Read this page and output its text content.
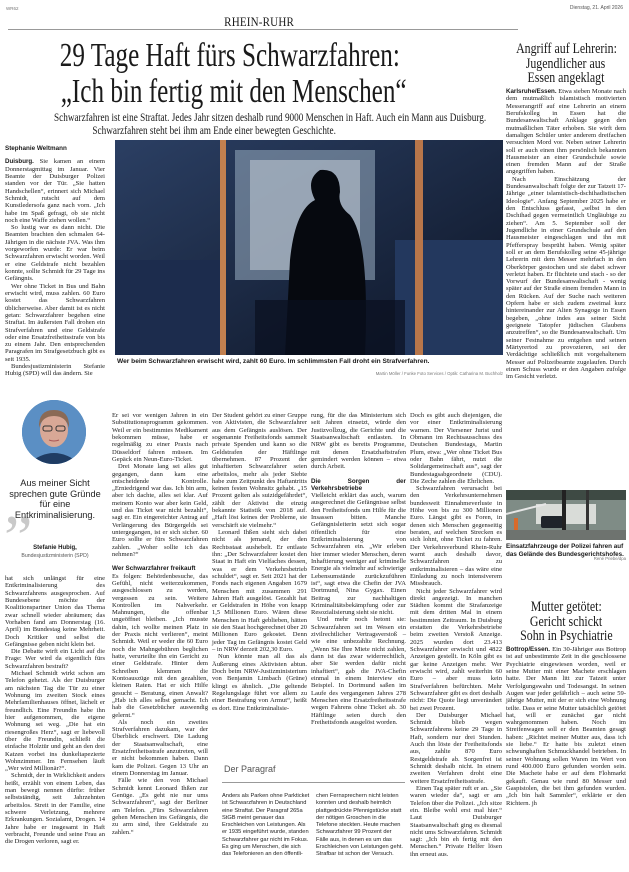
WR62	Dienstag, 21. April 2026
RHEIN-RUHR
29 Tage Haft fürs Schwarzfahren:
„Ich bin fertig mit den Menschen“
Schwarzfahren ist eine Straftat. Jedes Jahr sitzen deshalb rund 9000 Menschen in Haft. Auch ein Mann aus Duisburg.
Schwarzfahren steht bei ihm am Ende einer bewegten Geschichte.
Stephanie Weltmann

Duisburg. Sie kamen an einem Donnerstagmittag im Januar. Vier Beamte der Duisburger Polizei standen vor der Tür. „Sie hatten Handschellen“, erinnert sich Michael Schmidt, rutscht auf dem Kunstledersofa ganz nach vorn. „Ich habe im Spaß gefragt, ob sie nicht noch eine Waffe ziehen wollen.“

So lustig war es dann nicht. Die Beamten brachten den schmalen 64-Jährigen in die nächste JVA. Was ihm vorgeworfen wurde: Er war beim Schwarzfahren erwischt worden. Weil er eine Geldstrafe nicht bezahlen konnte, sollte Schmidt für 29 Tage ins Gefängnis.

Wer ohne Ticket in Bus und Bahn erwischt wird, muss zahlen. 60 Euro kostet das Schwarzfahren üblicherweise. Aber damit ist es nicht getan: Schwarzfahrer begehen eine Straftat. Im äußersten Fall drohen ein Strafverfahren und eine Geldstrafe oder eine Ersatzfreiheitsstrafe von bis zu einem Jahr. Den entsprechenden Paragrafen im Strafgesetzbuch gibt es seit 1935.

Bundesjustizministerin Stefanie Hubig (SPD) will das ändern. Sie

„
Aus meiner Sicht sprechen gute Gründe für eine Entkriminalisierung.
Stefanie Hubig,
Bundesjustizministerin (SPD)

hat sich unlängst für eine Entkriminalisierung des Schwarzfahrens ausgesprochen. Auf Bundesebene möchte der Koalitionspartner Union das Thema zwar schnell wieder abräumen; das Vorhaben fand am Donnerstag (16. April) im Bundestag keine Mehrheit. Doch Kritiker und selbst die Gefängnisse geben nicht klein bei.

Die Debatte wirft ein Licht auf die Frage: Wer wird da eigentlich fürs Schwarzfahren bestraft?

Michael Schmidt wirkt schon am Telefon gehetzt. Als der Duisburger am nächsten Tag die Tür zu einer Wohnung im zweiten Stock eines Mehrfamilienhauses öffnet, lächelt er freundlich. Eine Freundin habe ihn hier aufgenommen, die eigene Wohnung sei weg. „Die hat ein riesengroßes Herz“, sagt er liebevoll über die Freundin, schließt die einfache Holztür und geht an den drei Katzen vorbei ins dunkeltapezierte Wohnzimmer. Im Fernsehen läuft „Wer wird Millionär?“.

Schmidt, der in Wirklichkeit anders heißt, erzählt von einem Leben, das man bewegt nennen dürfte: früher selbstständig, seit Jahrzehnten arbeitslos. Streit in der Familie, eine schwere Verletzung, mehrere Erkrankungen. Sozialamt, Drogen. 14 Jahre habe er insgesamt in Haft verbracht, Freunde und seine Frau an die Drogen verloren, sagt er.

Wer beim Schwarzfahren erwischt wird, zahlt 60 Euro. Im schlimmsten Fall droht ein Strafverfahren.
Martin Möller / Funke Foto Services / Optik: Catharina M. Buchholz

Er sei vor wenigen Jahren in ein Substitutionsprogramm gekommen. Weil er ein bestimmtes Medikament bekommen müsse, habe er regelmäßig zu einer Praxis nach Düsseldorf fahren müssen. Im Gepäck ein Neun-Euro-Ticket.

Drei Monate lang sei alles gut gegangen, dann kam eine entscheidende Kontrolle. „Erniedrigend war das. Ich bin arm, aber ich dachte, alles sei klar. Auf meinem Konto war aber kein Geld, und das Ticket war nicht bezahlt“, sagt er. Ein eingereichter Antrag auf Verlängerung des Bürgergelds sei untergegangen, ist er sich sicher. 60 Euro sollte er fürs Schwarzfahren zahlen. „Woher sollte ich das nehmen?“

Wer Schwarzfahrer freikauft

Es folgen: Behördenbesuche, das Gefühl, nicht weiterzukommen, ausgeschlossen zu werden, vergessen zu sein. Weitere Kontrollen im Nahverkehr. Mahnungen, die offenbar ungeöffnet bleiben. „Ich musste dahin, ich wollte meinen Platz in der Praxis nicht verlieren“, meint Schmidt. Weil er weder die 60 Euro noch die Mahngebühren beglichen hatte, verurteilte ihn ein Gericht zu einer Geldstrafe. Hinter dem Schreiben klemmen die Kontoauszüge mit den gezahlten, kleinen Raten. Hat er sich Hilfe gesucht – Beratung, einen Anwalt? „Hab ich alles selbst gemacht. Ich hab die Gesetzbücher auswendig gelernt.“

Als noch ein zweites Strafverfahren dazukam, war der Überblick erschwert. Die Ladung der Staatsanwaltschaft, eine Ersatzfreiheitsstrafe anzutreten, will er nicht bekommen haben. Dann kam die Polizei. Gegen 13 Uhr an einem Donnerstag im Januar.

Fälle wie den von Michael Schmidt kennt Leonard Ihßen zur Genüge. „Es geht nie nur ums Schwarzfahren“, sagt der Berliner am Telefon. „Fürs Schwarzfahren gehen Menschen ins Gefängnis, die zu arm sind, ihre Geldstrafe zu zahlen.“

Der Student gehört zu einer Gruppe von Aktivisten, die Schwarzfahrer aus dem Gefängnis auslösen. Der sogenannte Freiheitsfonds sammelt private Spenden und kann so die Geldstrafen der Häftlinge übernehmen. 87 Prozent der inhaftierten Schwarzfahrer seien arbeitslos, mehr als jeder Siebte habe zum Zeitpunkt des Haftantritts keinen festen Wohnsitz gehabt. „15 Prozent gelten als suizidgefährdet“, zählt der Aktivist die einzig bekannte Statistik von 2018 auf. „Haft löst keines der Probleme, sie verschärft sie vielmehr.“

Leonard Ihßen sieht sich dabei nicht als jemand, der den Rechtsstaat aushebelt. Er entlaste ihn: „Der Schwarzfahrer kostet den Staat in Haft ein Vielfaches dessen, was er dem Verkehrsbetrieb schuldet“, sagt er. Seit 2021 hat der Fonds nach eigenen Angaben 1679 Menschen mit zusammen 291 Jahren Haft ausgelöst. Gezahlt hat er Geldstrafen in Höhe von knapp 1,5 Millionen Euro. Wären diese Menschen in Haft geblieben, hätten sie den Staat hochgerechnet über 20 Millionen Euro gekostet. Denn jeder Tag im Gefängnis kostet Geld – in NRW derzeit 202,30 Euro.

Nun könnte man all das als Äußerung eines Aktivisten abtun. Doch beim NRW-Justizministerium von Benjamin Limbach (Grüne) klingt es ähnlich. „Die geltende Regelungslage führt vor allem zu einer Bestrafung von Armut“, heißt es dort. Eine Entkriminalisie-

rung, für die das Ministerium sich seit Jahren einsetzt, würde den Justizvollzug, die Gerichte und die Staatsanwaltschaft entlasten. In NRW gibt es bereits Programme, mit denen Ersatzhaftstrafen gemindert werden können – etwa durch Arbeit.

Die Sorgen der Verkehrsbetriebe

Vielleicht erklärt das auch, warum ausgerechnet die Gefängnisse selbst den Freiheitsfonds um Hilfe für die Insassen bitten. Manche Gefängnisleiterin setzt sich sogar öffentlich für eine Entkriminalisierung von Schwarzfahren ein. „Wir erleben hier immer wieder Menschen, deren Inhaftierung weniger auf kriminelle Energie als vielmehr auf schwierige Lebensumstände zurückzuführen ist“, sagt etwa die Chefin der JVA Dortmund, Nina Gygax. Einen Beitrag zur nachhaltigen Kriminalitätsbekämpfung oder zur Resozialisierung sieht sie nicht.

Und mehr noch betont sie: Schwarzfahren sei im Wesen ein zivilrechtlicher Vertragsverstoß – wie eine unbezahlte Rechnung. „Wenn Sie Ihre Miete nicht zahlen, dann ist das zwar widerrechtlich, aber Sie werden dafür nicht inhaftiert“, gab die JVA-Chefin einmal in einem Interview ein Beispiel. In Dortmund saßen im Laufe des vergangenen Jahres 278 Menschen eine Ersatzfreiheitsstrafe wegen Fahrens ohne Ticket ab. 30 Häftlinge seien durch den Freiheitsfonds ausgelöst worden.

Doch es gibt auch diejenigen, die vor einer Entkriminalisierung warnen. Der Viersener Jurist und Obmann im Rechtsausschuss des Deutschen Bundestags, Martin Plum, etwa: „Wer ohne Ticket Bus oder Bahn fährt, nutzt die Solidargemeinschaft aus“, sagt der Bundestagsabgeordnete (CDU). Die Zeche zahlen die Ehrlichen.

Schwarzfahren verursacht bei den Verkehrsunternehmen bundesweit Einnahmeverluste in Höhe von bis zu 300 Millionen Euro. Längst gibt es Foren, in denen sich Menschen gegenseitig beraten, auf welchen Strecken es sich lohnt, ohne Ticket zu fahren. Der Verkehrsverbund Rhein-Ruhr warnt auch deshalb davor, Schwarzfahren zu entkriminalisieren – das wäre eine Einladung zu noch intensiverem Missbrauch.

Nicht jeder Schwarzfahrer wird direkt angezeigt. In manchen Städten kommt die Strafanzeige mit dem dritten Mal in einem bestimmten Zeitraum. In Duisburg erstatten die Verkehrsbetriebe beim zweiten Verstoß Anzeige. 2025 wurden dort 23.413 Schwarzfahrer erwischt und 4822 Anzeigen gestellt. In Köln gibt es gar keine Anzeigen mehr. Wer erwischt wird, zahlt weiterhin 60 Euro – aber muss kein Strafverfahren befürchten. Mehr Schwarzfahrer gibt es dort deshalb nicht: Die Quote liegt unverändert bei zwei Prozent.

Der Duisburger Michael Schmidt blieb wegen Schwarzfahrens keine 29 Tage in Haft, sondern nur drei Stunden. Auch ihn löste der Freiheitsfonds aus, zahlte 870 Euro Restgeldstrafe ab. Sorgenfrei ist Schmidt deshalb nicht. In einem zweiten Verfahren droht eine weitere Ersatzfreiheitsstrafe.

Einen Tag später ruft er an. „Sie waren wieder da“, sagt er am Telefon über die Polizei. „Ich sitze ein. Bleibe wohl erst mal hier.“ Laut Duisburger Staatsanwaltschaft ging es diesmal nicht ums Schwarzfahren. Schmidt sagt: „Ich bin eh fertig mit den Menschen.“ Private Helfer lösen ihn erneut aus.

Der Paragraf
Anders als Parken ohne Parkticket ist Schwarzfahren in Deutschland eine Straftat. Der Paragraf 265a StGB meint genauer das Erschleichen von Leistungen. Als er 1935 eingeführt wurde, standen Schwarzfahrer gar nicht im Fokus. Es ging um Menschen, die sich das Telefonieren an den öffentli-
chen Fernsprechern nicht leisten konnten und deshalb heimlich plattgedrückte Pfennigstücke statt der nötigen Groschen in die Telefone steckten. Heute machen Schwarzfahrer 99 Prozent der Fälle aus, in denen es um das Erschleichen von Leistungen geht. Strafbar ist schon der Versuch.
Angriff auf Lehrerin:
Jugendlicher aus
Essen angeklagt

Karlsruhe/Essen. Etwa sieben Monate nach dem mutmaßlich islamistisch motivierten Messerangriff auf eine Lehrerin an einem Berufskolleg in Essen hat die Bundesanwaltschaft Anklage gegen den mutmaßlichen Täter erhoben. Sie wirft dem damaligen Schüler unter anderem dreifachen versuchten Mord vor. Neben seiner Lehrerin soll er auch einen ihm persönlich bekannten Hausmeister an einer Grundschule sowie einen fremden Mann auf der Straße angegriffen haben.

Nach Einschätzung der Bundesanwaltschaft folgte der zur Tatzeit 17-Jährige „einer islamistisch-dschihadistischen Ideologie“. Anfang September 2025 habe er den Entschluss gefasst, „selbst in den Dschihad gegen vermeintlich Ungläubige zu ziehen“. Am 5. September soll der Jugendliche in einer Grundschule auf den Hausmeister eingeschlagen und ihn mit Pfefferspray besprüht haben. Wenig später soll er an dem Berufskolleg seine 45-jährige Lehrerin mit dem Messer mehrfach in den Oberkörper gestochen und sie dabei schwer verletzt haben. Er flüchtete und stach - so der Vorwurf der Bundesanwaltschaft - wenig später auf der Straße einem fremden Mann in den Rücken. Auf der Suche nach weiteren Opfern habe er sich zudem zweimal kurz hintereinander zur Alten Synagoge in Essen begeben, „ohne indes aus seiner Sicht geeignete Tatopfer jüdischen Glaubens anzutreffen“, so die Bundesanwaltschaft. Um seiner Festnahme zu entgehen und seinen Märtyrertod zu provozieren, sei der Verdächtige schließlich mit vorgehaltenem Messer auf Polizeibeamte zugelaufen. Durch einen Schuss wurde er den Angaben zufolge im Gesicht verletzt.

Einsatzfahrzeuge der Polizei fahren auf das Gelände des Bundesgerichtshofes.
René Priebe/dpa
Mutter getötet:
Gericht schickt
Sohn in Psychiatrie

Bottrop/Essen. Ein 30-Jähriger aus Bottrop ist auf unbestimmte Zeit in die geschlossene Psychiatrie eingewiesen worden, weil er seine Mutter mit einer Machete erschlagen hatte. Der Mann litt zur Tatzeit unter Verfolgungswahn und Todesangst. In seinen Augen war jeder gefährlich – auch seine 59-jährige Mutter, mit der er sich eine Wohnung teilte. Dass er seine Mutter tatsächlich getötet hat, will er zunächst gar nicht wahrgenommen haben. Noch im Streifenwagen soll er den Beamten gesagt haben: „Richtet meiner Mutter aus, dass ich sie liebe.“ Er hatte bis zuletzt einen schwunghaften Schmuckhandel betrieben. In seiner Wohnung sollen Waren im Wert von rund 400.000 Euro gefunden worden sein. Die Machete habe er auf dem Flohmarkt gekauft. Genau wie rund 80 Messer und Gaspistolen, die bei ihm gefunden wurden. „Ich bin halt Sammler“, erklärte er den Richtern. jh
